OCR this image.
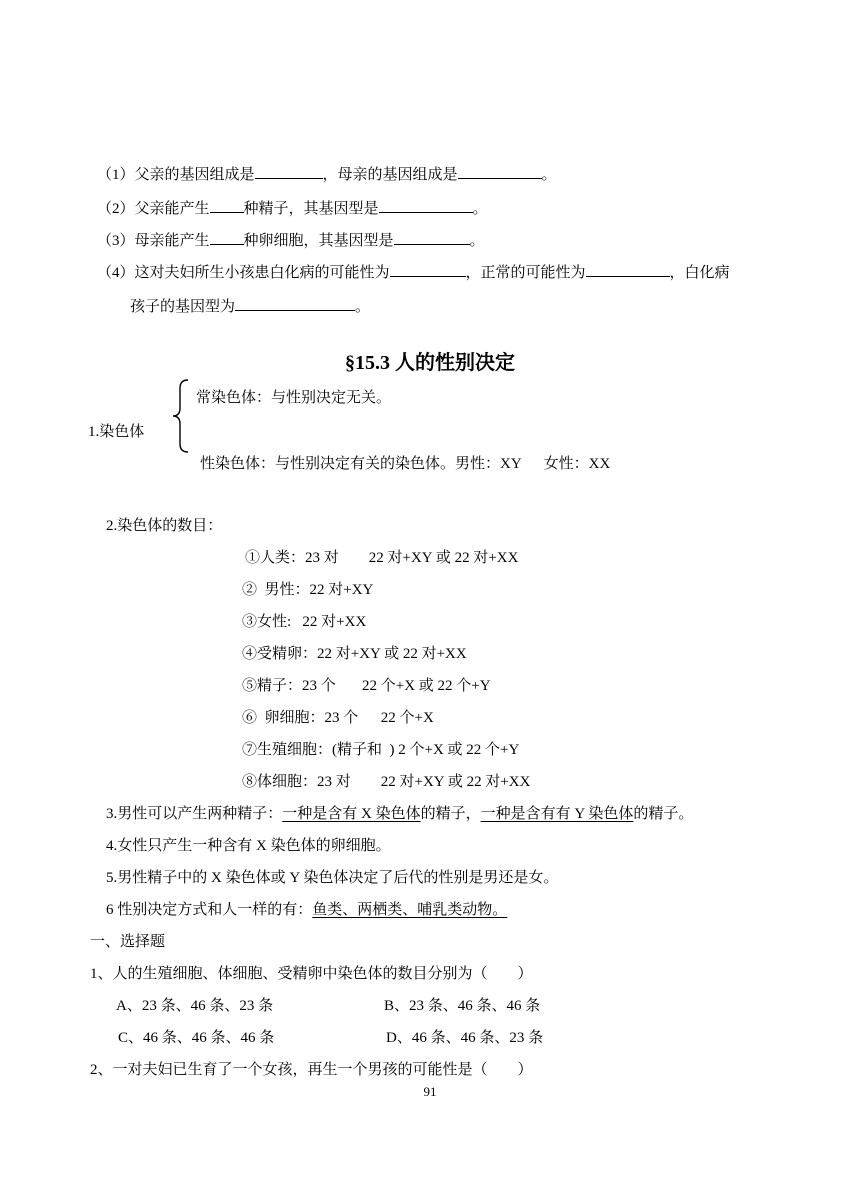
（1）父亲的基因组成是	，母亲的基因组成是	。
（2）父亲能产生 种精子，其基因型是	。
（3）母亲能产生 种卵细胞，其基因型是	。
（4）这对夫妇所生小孩患白化病的可能性为	，正常的可能性为	，白化病
孩子的基因型为	。
§15.3 人的性别决定
常染色体：与性别决定无关。
1.染色体
性染色体：与性别决定有关的染色体。男性：XY      女性：XX
2.染色体的数目：
①人类：23 对        22 对+XY 或 22 对+XX
②  男性：22 对+XY
③女性:   22 对+XX
④受精卵：22 对+XY 或 22 对+XX
⑤精子：23 个       22 个+X 或 22 个+Y
⑥  卵细胞：23 个      22 个+X
⑦生殖细胞：(精子和  ) 2 个+X 或 22 个+Y
⑧体细胞：23 对        22 对+XY 或 22 对+XX
3.男性可以产生两种精子：一种是含有 X 染色体的精子，一种是含有有 Y 染色体的精子。
4.女性只产生一种含有 X 染色体的卵细胞。
5.男性精子中的 X 染色体或 Y 染色体决定了后代的性别是男还是女。
6 性别决定方式和人一样的有：鱼类、两栖类、哺乳类动物。
一、选择题
1、人的生殖细胞、体细胞、受精卵中染色体的数目分别为（        ）
A、23 条、46 条、23 条	B、23 条、46 条、46 条
C、46 条、46 条、46 条	D、46 条、46 条、23 条
2、一对夫妇已生育了一个女孩，再生一个男孩的可能性是（        ）
91
